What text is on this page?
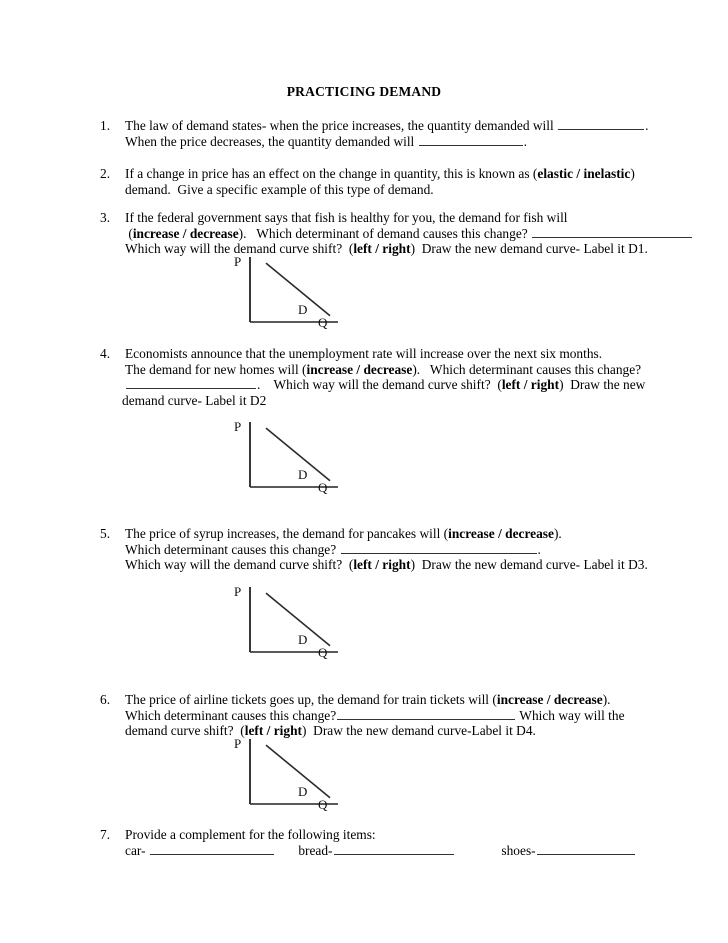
PRACTICING DEMAND
1.	The law of demand states- when the price increases, the quantity demanded will	.
When the price decreases, the quantity demanded will	.
2.	If a change in price has an effect on the change in quantity, this is known as (elastic / inelastic)
demand.  Give a specific example of this type of demand.
3.	If the federal government says that fish is healthy for you, the demand for fish will
(increase / decrease).   Which determinant of demand causes this change?
Which way will the demand curve shift?  (left / right)  Draw the new demand curve- Label it D1.
4.	Economists announce that the unemployment rate will increase over the next six months.
The demand for new homes will (increase / decrease).   Which determinant causes this change?
.    Which way will the demand curve shift?  (left / right)  Draw the new
demand curve- Label it D2
5.	The price of syrup increases, the demand for pancakes will (increase / decrease).
Which determinant causes this change?	.
Which way will the demand curve shift?  (left / right)  Draw the new demand curve- Label it D3.
6.	The price of airline tickets goes up, the demand for train tickets will (increase / decrease).
Which determinant causes this change?	Which way will the
demand curve shift?  (left / right)  Draw the new demand curve-Label it D4.
7.	Provide a complement for the following items:
car-	bread-	shoes-
P
D
Q
P
D
Q
P
D
Q
P
D
Q
